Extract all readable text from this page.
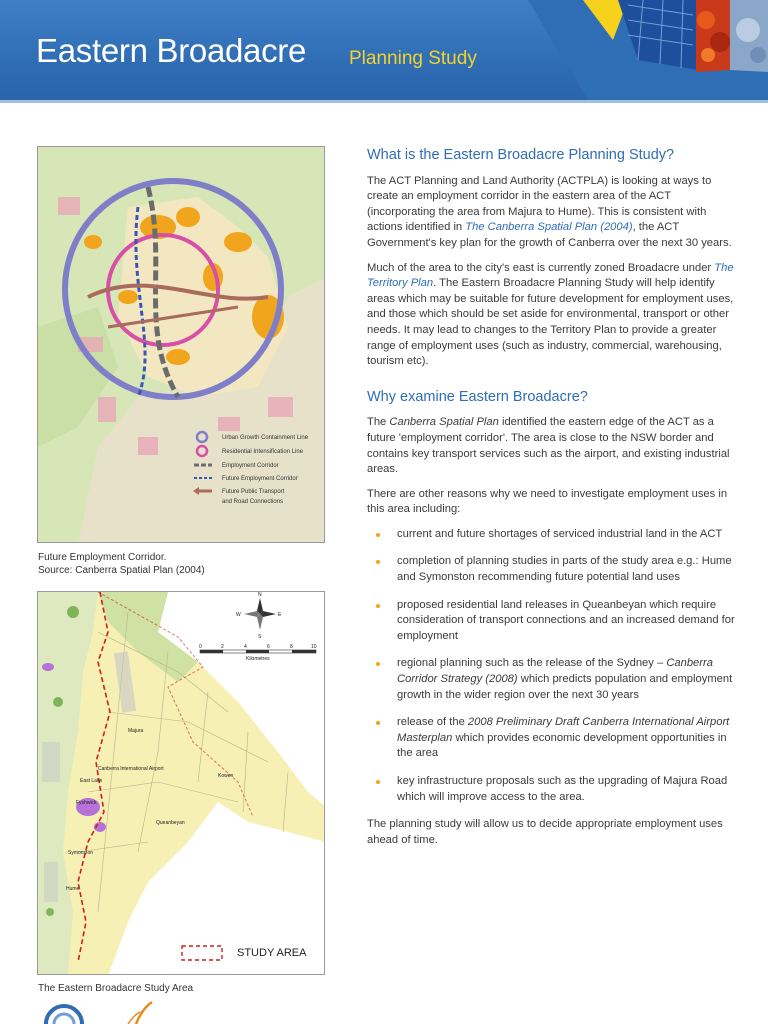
Eastern Broadacre Planning Study
Urban Growth Containment Line
Residential Intensification Line
Employment Corridor
Future Employment Corridor
Future Public Transport
and Road Connections
Future Employment Corridor.
Source: Canberra Spatial Plan (2004)
Majura
Kowen
Queanbeyan
Symonston
Hume
Fyshwick
Canberra International Airport
East Lake
N
S
E
W
0	2	4	6	8	10
Kilometres
STUDY AREA
The Eastern Broadacre Study Area
What is the Eastern Broadacre Planning Study?

The ACT Planning and Land Authority (ACTPLA) is looking at ways to create an employment corridor in the eastern area of the ACT (incorporating the area from Majura to Hume). This is consistent with actions identified in The Canberra Spatial Plan (2004), the ACT Government's key plan for the growth of Canberra over the next 30 years.

Much of the area to the city's east is currently zoned Broadacre under The Territory Plan. The Eastern Broadacre Planning Study will help identify areas which may be suitable for future development for employment uses, and those which should be set aside for environmental, transport or other needs. It may lead to changes to the Territory Plan to provide a greater range of employment uses (such as industry, commercial, warehousing, tourism etc).

Why examine Eastern Broadacre?

The Canberra Spatial Plan identified the eastern edge of the ACT as a future 'employment corridor'. The area is close to the NSW border and contains key transport services such as the airport, and existing industrial areas.

There are other reasons why we need to investigate employment uses in this area including:

current and future shortages of serviced industrial land in the ACT
completion of planning studies in parts of the study area e.g.: Hume and Symonston recommending future potential land uses
proposed residential land releases in Queanbeyan which require consideration of transport connections and an increased demand for employment
regional planning such as the release of the Sydney – Canberra Corridor Strategy (2008) which predicts population and employment growth in the wider region over the next 30 years
release of the 2008 Preliminary Draft Canberra International Airport Masterplan which provides economic development opportunities in the area
key infrastructure proposals such as the upgrading of Majura Road which will improve access to the area.

The planning study will allow us to decide appropriate employment uses ahead of time.
